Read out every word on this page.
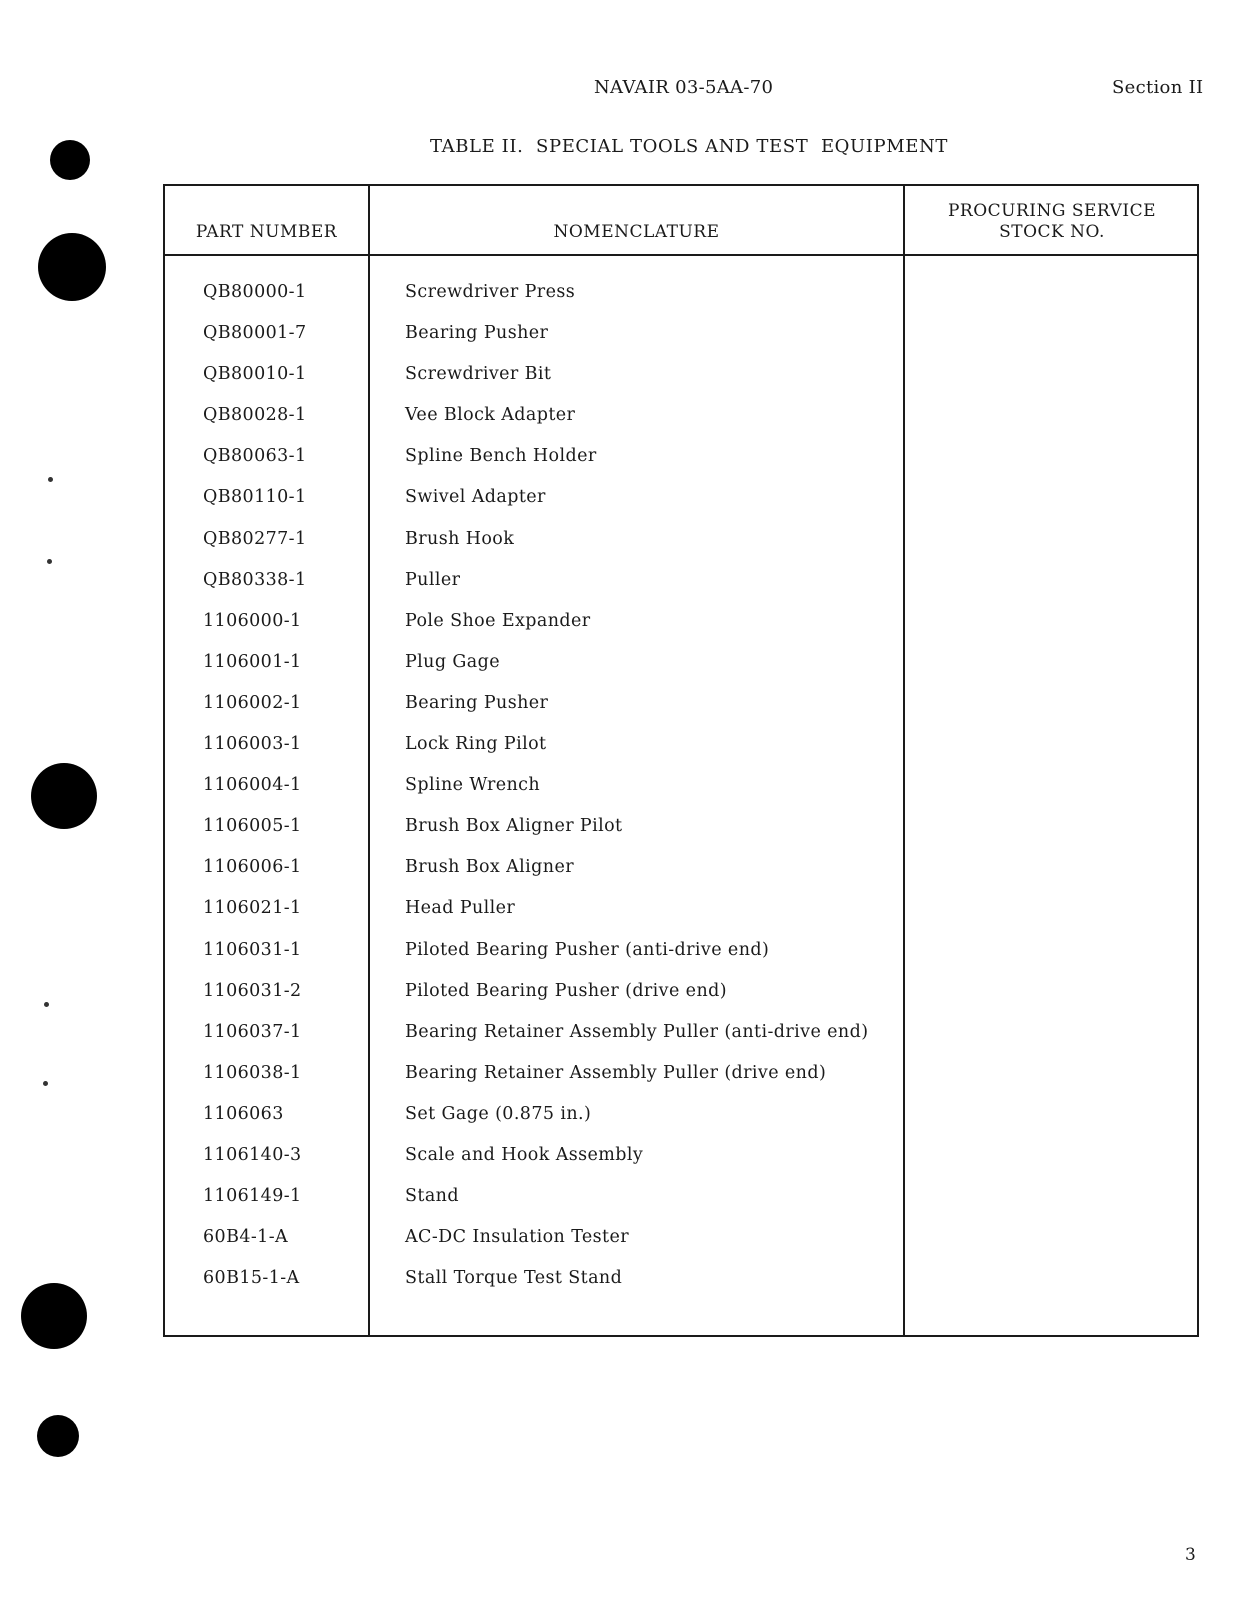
NAVAIR 03-5AA-70	Section II
TABLE II.  SPECIAL TOOLS AND TEST  EQUIPMENT
PART NUMBER	NOMENCLATURE
PROCURING SERVICE
STOCK NO.
QB80000-1	Screwdriver Press
QB80001-7	Bearing Pusher
QB80010-1	Screwdriver Bit
QB80028-1	Vee Block Adapter
QB80063-1	Spline Bench Holder
QB80110-1	Swivel Adapter
QB80277-1	Brush Hook
QB80338-1	Puller
1106000-1	Pole Shoe Expander
1106001-1	Plug Gage
1106002-1	Bearing Pusher
1106003-1	Lock Ring Pilot
1106004-1	Spline Wrench
1106005-1	Brush Box Aligner Pilot
1106006-1	Brush Box Aligner
1106021-1	Head Puller
1106031-1	Piloted Bearing Pusher (anti-drive end)
1106031-2	Piloted Bearing Pusher (drive end)
1106037-1	Bearing Retainer Assembly Puller (anti-drive end)
1106038-1	Bearing Retainer Assembly Puller (drive end)
1106063	Set Gage (0.875 in.)
1106140-3	Scale and Hook Assembly
1106149-1	Stand
60B4-1-A	AC-DC Insulation Tester
60B15-1-A	Stall Torque Test Stand
3
